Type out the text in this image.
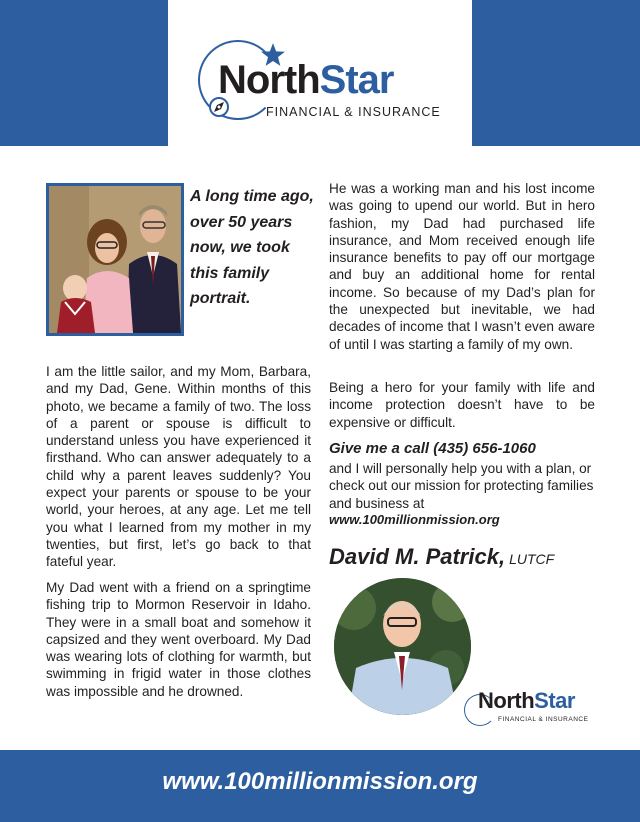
NorthStar
FINANCIAL & INSURANCE
A long time ago, over 50 years now, we took this family portrait.

I am the little sailor, and my Mom, Barbara, and my Dad, Gene. Within months of this photo, we became a family of two. The loss of a parent or spouse is difficult to understand unless you have experienced it firsthand. Who can answer adequately to a child why a parent leaves suddenly? You expect your parents or spouse to be your world, your heroes, at any age. Let me tell you what I learned from my mother in my twenties, but first, let’s go back to that fateful year.

My Dad went with a friend on a springtime fishing trip to Mormon Reservoir in Idaho. They were in a small boat and somehow it capsized and they went overboard. My Dad was wearing lots of clothing for warmth, but swimming in frigid water in those clothes was impossible and he drowned.

He was a working man and his lost income was going to upend our world. But in hero fashion, my Dad had purchased life insurance, and Mom received enough life insurance benefits to pay off our mortgage and buy an additional home for rental income. So because of my Dad’s plan for the unexpected but inevitable, we had decades of income that I wasn’t even aware of until I was starting a family of my own.

Being a hero for your family with life and income protection doesn’t have to be expensive or difficult.

Give me a call (435) 656-1060

and I will personally help you with a plan, or check out our mission for protecting families and business at

www.100millionmission.org
David M. Patrick, LUTCF
NorthStar
FINANCIAL & INSURANCE
www.100millionmission.org
